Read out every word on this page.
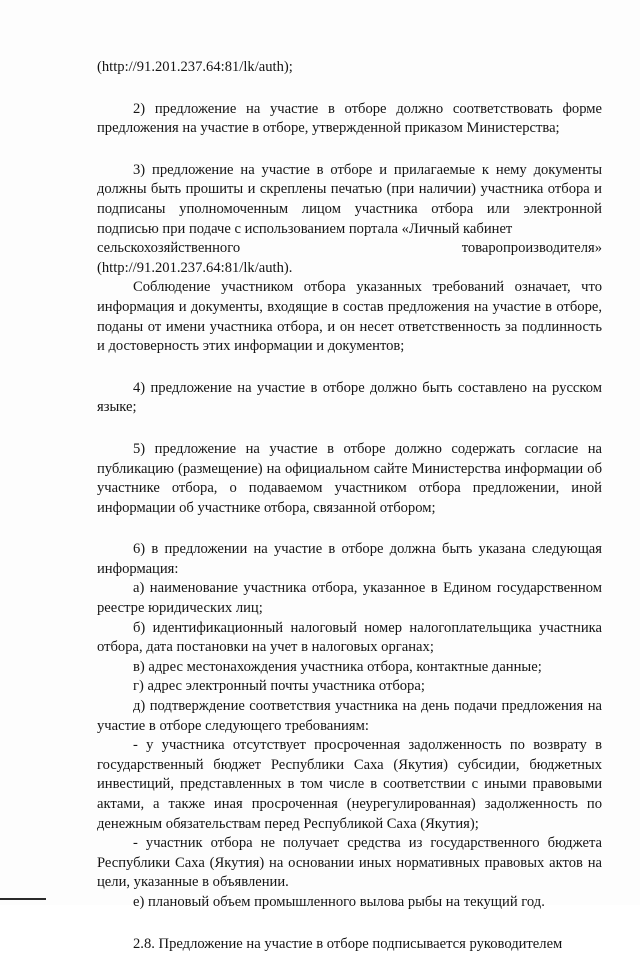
(http://91.201.237.64:81/lk/auth);

2) предложение на участие в отборе должно соответствовать форме предложения на участие в отборе, утвержденной приказом Министерства;

3) предложение на участие в отборе и прилагаемые к нему документы должны быть прошиты и скреплены печатью (при наличии) участника отбора и подписаны уполномоченным лицом участника отбора или электронной подписью при подаче с использованием портала «Личный кабинет

сельскохозяйственного	товаропроизводителя»

(http://91.201.237.64:81/lk/auth).

Соблюдение участником отбора указанных требований означает, что информация и документы, входящие в состав предложения на участие в отборе, поданы от имени участника отбора, и он несет ответственность за подлинность и достоверность этих информации и документов;

4) предложение на участие в отборе должно быть составлено на русском языке;

5) предложение на участие в отборе должно содержать согласие на публикацию (размещение) на официальном сайте Министерства информации об участнике отбора, о подаваемом участником отбора предложении, иной информации об участнике отбора, связанной отбором;

6) в предложении на участие в отборе должна быть указана следующая информация:

а) наименование участника отбора, указанное в Едином государственном реестре юридических лиц;

б) идентификационный налоговый номер налогоплательщика участника отбора, дата постановки на учет в налоговых органах;

в) адрес местонахождения участника отбора, контактные данные;

г) адрес электронный почты участника отбора;

д) подтверждение соответствия участника на день подачи предложения на участие в отборе следующего требованиям:

- у участника отсутствует просроченная задолженность по возврату в государственный бюджет Республики Саха (Якутия) субсидии, бюджетных инвестиций, представленных в том числе в соответствии с иными правовыми актами, а также иная просроченная (неурегулированная) задолженность по денежным обязательствам перед Республикой Саха (Якутия);

- участник отбора не получает средства из государственного бюджета Республики Саха (Якутия) на основании иных нормативных правовых актов на цели, указанные в объявлении.

е) плановый объем промышленного вылова рыбы на текущий год.

2.8. Предложение на участие в отборе подписывается руководителем
